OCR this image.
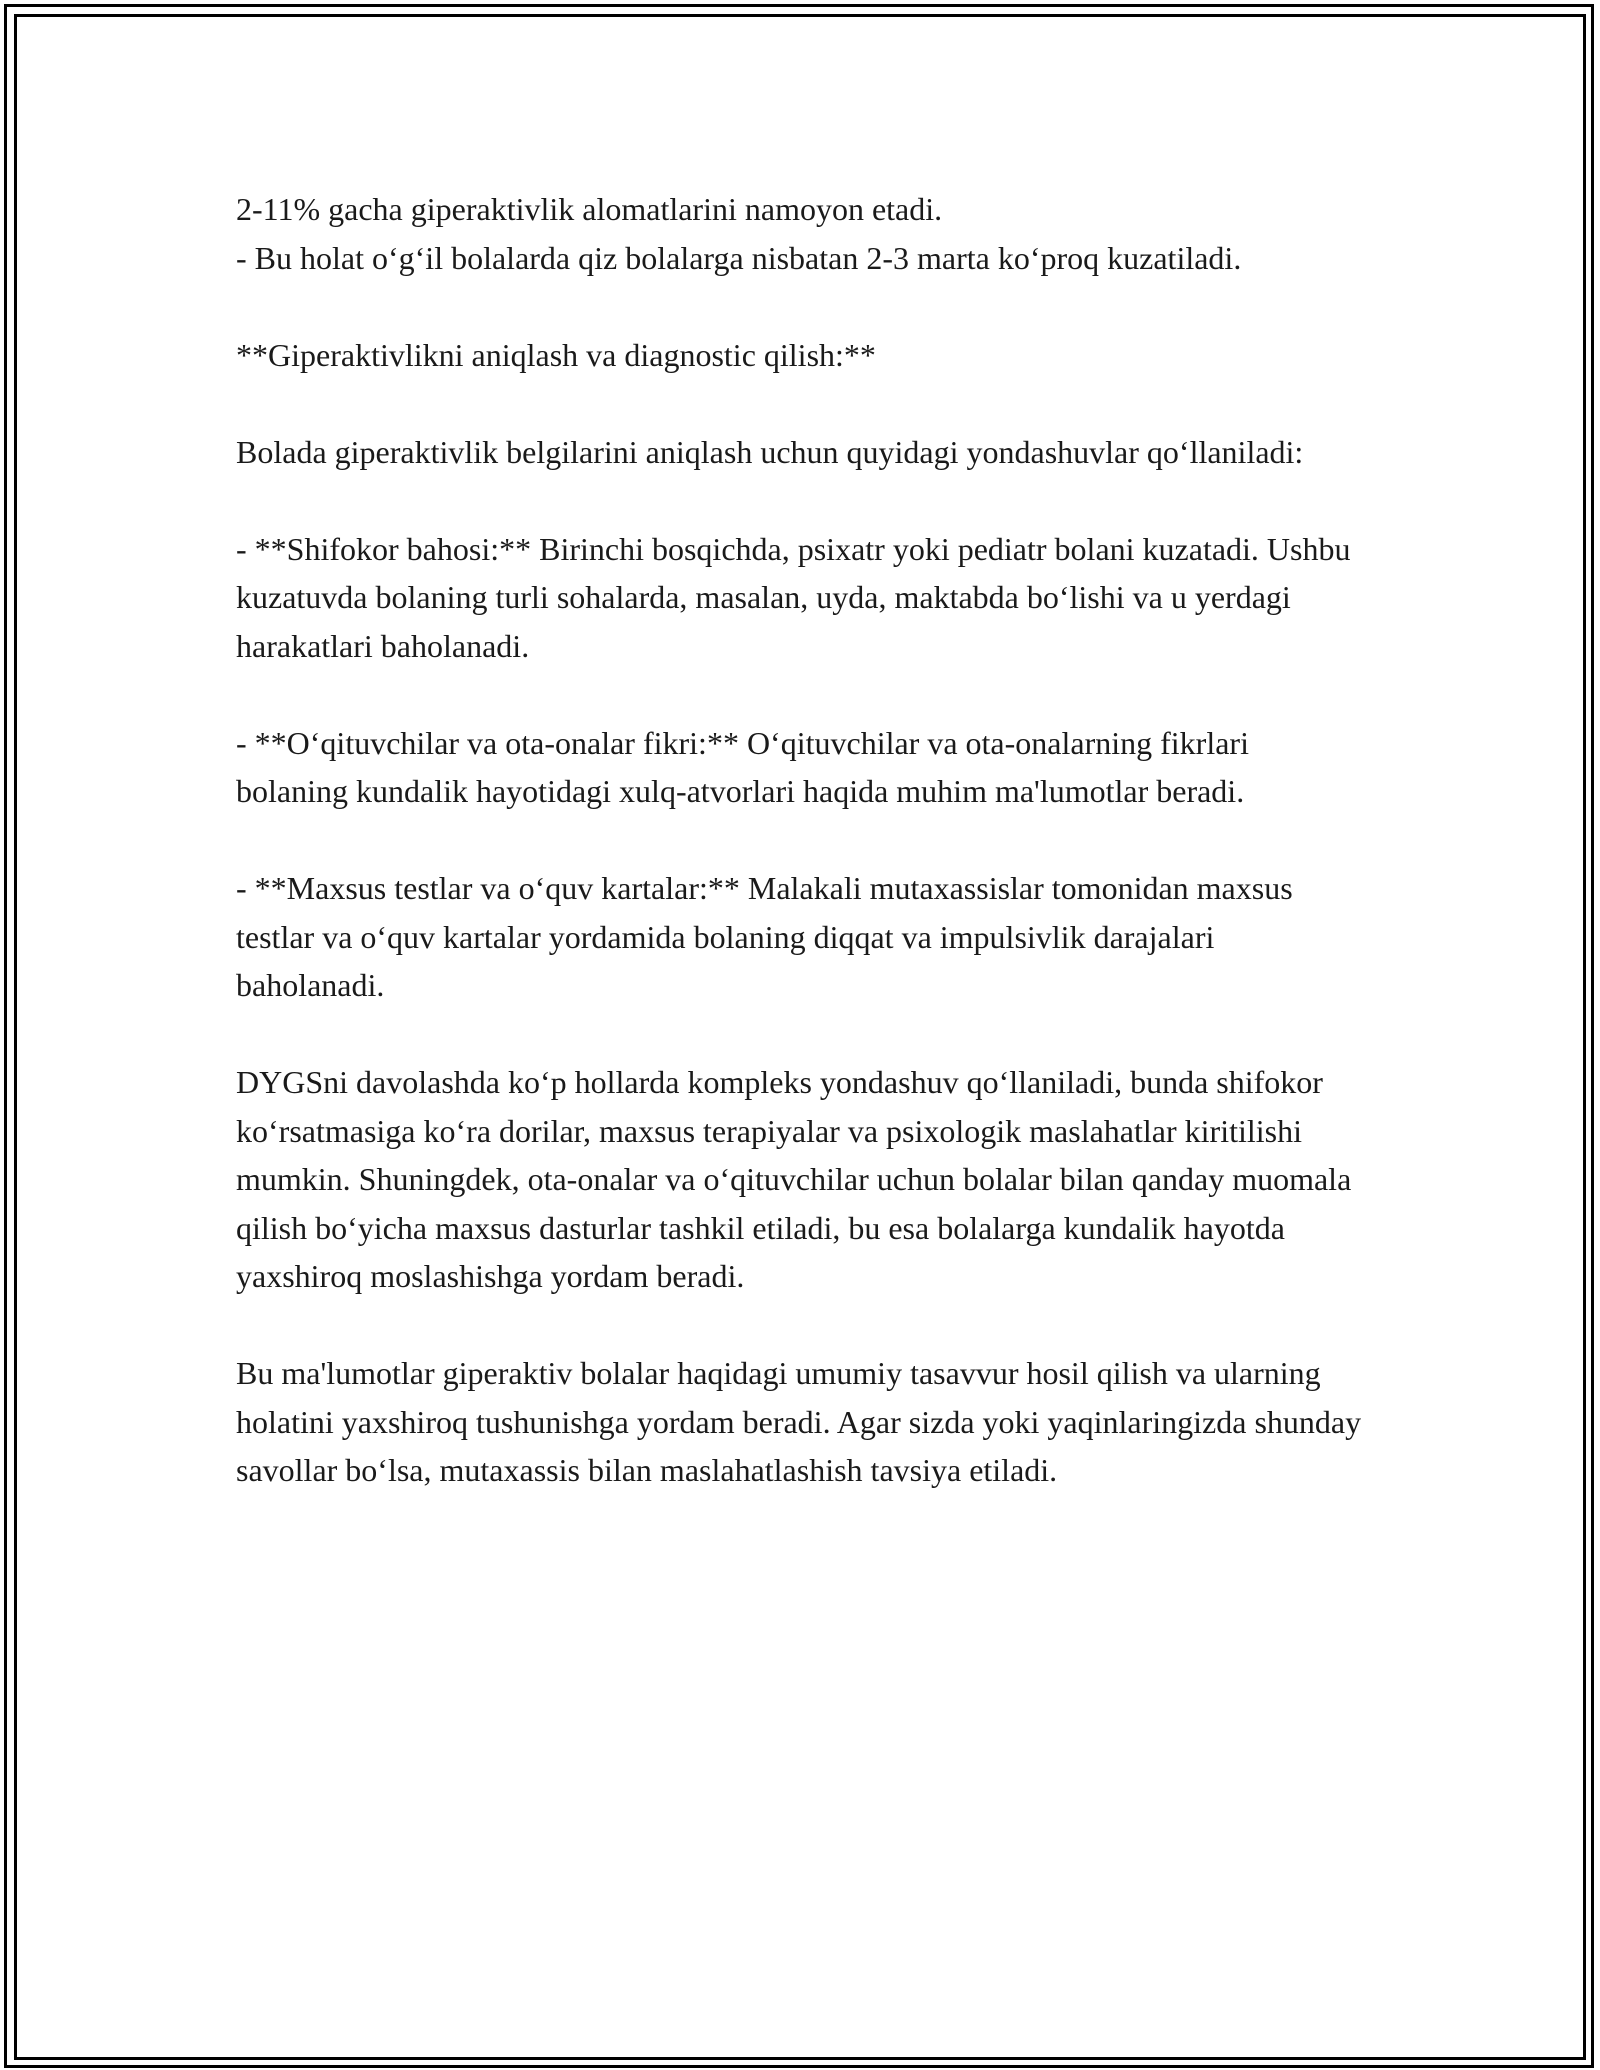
2-11% gacha giperaktivlik alomatlarini namoyon etadi.

- Bu holat o‘g‘il bolalarda qiz bolalarga nisbatan 2-3 marta ko‘proq kuzatiladi.

**Giperaktivlikni aniqlash va diagnostic qilish:**

Bolada giperaktivlik belgilarini aniqlash uchun quyidagi yondashuvlar qo‘llaniladi:

- **Shifokor bahosi:** Birinchi bosqichda, psixatr yoki pediatr bolani kuzatadi. Ushbu kuzatuvda bolaning turli sohalarda, masalan, uyda, maktabda bo‘lishi va u yerdagi harakatlari baholanadi.

- **O‘qituvchilar va ota-onalar fikri:** O‘qituvchilar va ota-onalarning fikrlari bolaning kundalik hayotidagi xulq-atvorlari haqida muhim ma'lumotlar beradi.

- **Maxsus testlar va o‘quv kartalar:** Malakali mutaxassislar tomonidan maxsus testlar va o‘quv kartalar yordamida bolaning diqqat va impulsivlik darajalari baholanadi.

DYGSni davolashda ko‘p hollarda kompleks yondashuv qo‘llaniladi, bunda shifokor ko‘rsatmasiga ko‘ra dorilar, maxsus terapiyalar va psixologik maslahatlar kiritilishi mumkin. Shuningdek, ota-onalar va o‘qituvchilar uchun bolalar bilan qanday muomala qilish bo‘yicha maxsus dasturlar tashkil etiladi, bu esa bolalarga kundalik hayotda yaxshiroq moslashishga yordam beradi.

Bu ma'lumotlar giperaktiv bolalar haqidagi umumiy tasavvur hosil qilish va ularning holatini yaxshiroq tushunishga yordam beradi. Agar sizda yoki yaqinlaringizda shunday savollar bo‘lsa, mutaxassis bilan maslahatlashish tavsiya etiladi.
